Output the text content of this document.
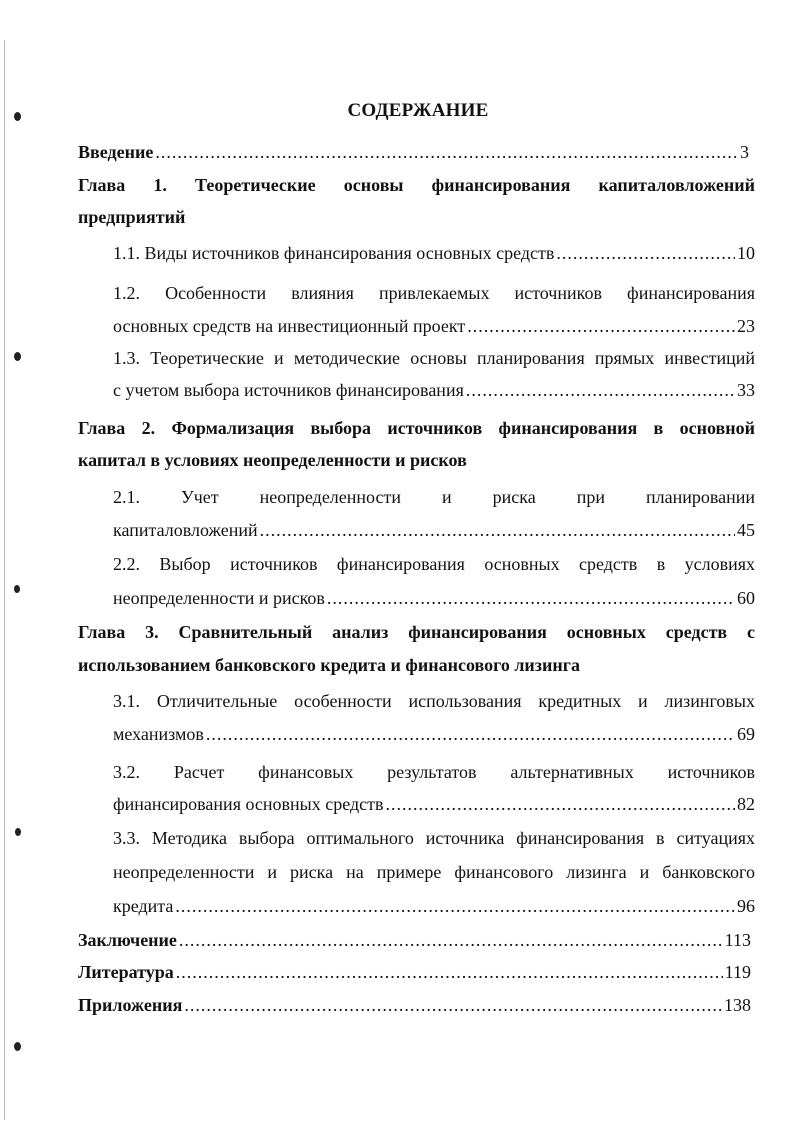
СОДЕРЖАНИЕ
Введение .....	3
Глава 1. Теоретические основы финансирования капиталовложений
предприятий
1.1. Виды источников финансирования основных средств .....	10
1.2. Особенности влияния привлекаемых источников финансирования
основных средств на инвестиционный проект .....	23
1.3. Теоретические и методические основы планирования прямых инвестиций
с учетом выбора источников финансирования .....	33
Глава 2. Формализация выбора источников финансирования в основной
капитал в условиях неопределенности и рисков
2.1. Учет неопределенности и риска при планировании
капиталовложений .....	45
2.2. Выбор источников финансирования основных средств в условиях
неопределенности и рисков .....	60
Глава 3. Сравнительный анализ финансирования основных средств с
использованием банковского кредита и финансового лизинга
3.1. Отличительные особенности использования кредитных и лизинговых
механизмов .....	69
3.2. Расчет финансовых результатов альтернативных источников
финансирования основных средств .....	82
3.3. Методика выбора оптимального источника финансирования в ситуациях
неопределенности и риска на примере финансового лизинга и банковского
кредита .....	96
Заключение .....	113
Литература .....	119
Приложения .....	138
